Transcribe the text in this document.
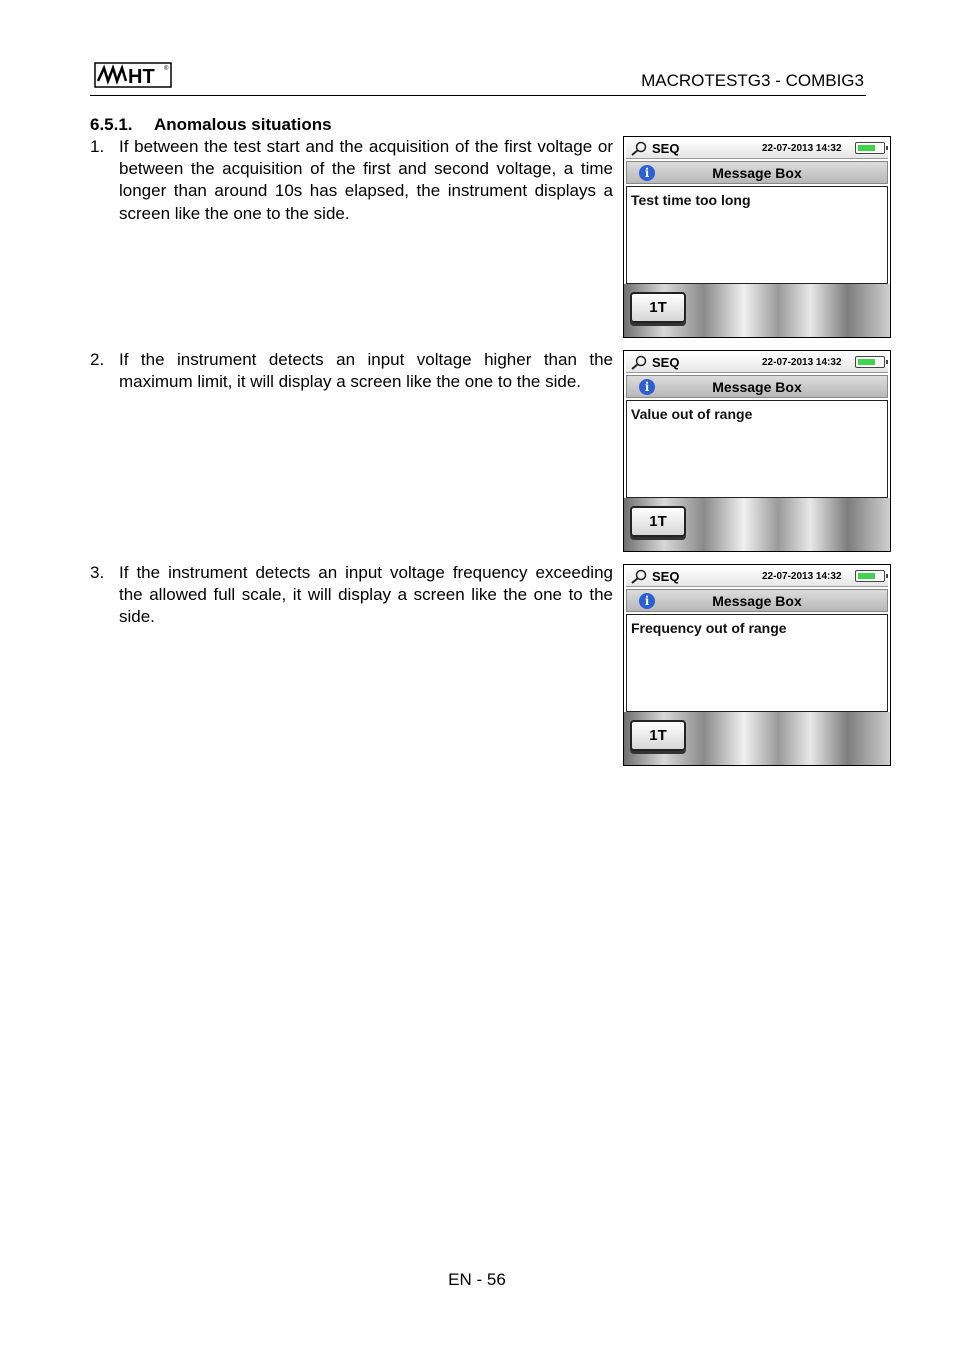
HT ®
MACROTESTG3 - COMBIG3
6.5.1. Anomalous situations
1. If between the test start and the acquisition of the first voltage or between the acquisition of the first and second voltage, a time longer than around 10s has elapsed, the instrument displays a screen like the one to the side.
2. If the instrument detects an input voltage higher than the maximum limit, it will display a screen like the one to the side.
3. If the instrument detects an input voltage frequency exceeding the allowed full scale, it will display a screen like the one to the side.
SEQ	22-07-2013 14:32
i	Message Box
Test time too long
1T
SEQ	22-07-2013 14:32
i	Message Box
Value out of range
1T
SEQ	22-07-2013 14:32
i	Message Box
Frequency out of range
1T
EN - 56
